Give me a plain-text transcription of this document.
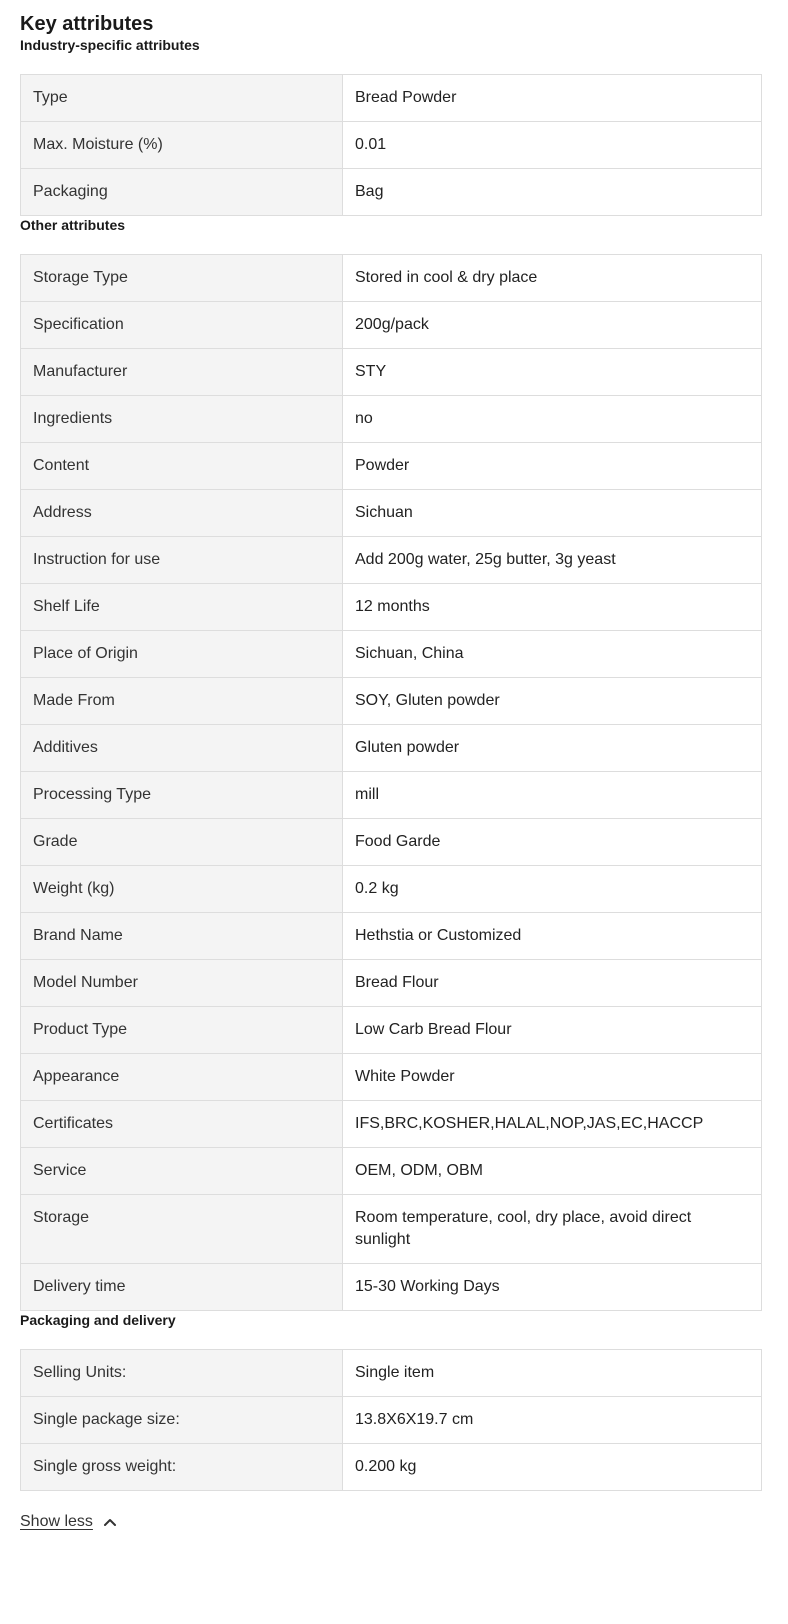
Key attributes
Industry-specific attributes
Type	Bread Powder
Max. Moisture (%)	0.01
Packaging	Bag
Other attributes
Storage Type	Stored in cool & dry place
Specification	200g/pack
Manufacturer	STY
Ingredients	no
Content	Powder
Address	Sichuan
Instruction for use	Add 200g water, 25g butter, 3g yeast
Shelf Life	12 months
Place of Origin	Sichuan, China
Made From	SOY, Gluten powder
Additives	Gluten powder
Processing Type	mill
Grade	Food Garde
Weight (kg)	0.2 kg
Brand Name	Hethstia or Customized
Model Number	Bread Flour
Product Type	Low Carb Bread Flour
Appearance	White Powder
Certificates	IFS,BRC,KOSHER,HALAL,NOP,JAS,EC,HACCP
Service	OEM, ODM, OBM
Storage	Room temperature, cool, dry place, avoid direct sunlight
Delivery time	15-30 Working Days
Packaging and delivery
Selling Units:	Single item
Single package size:	13.8X6X19.7 cm
Single gross weight:	0.200 kg
Show less
